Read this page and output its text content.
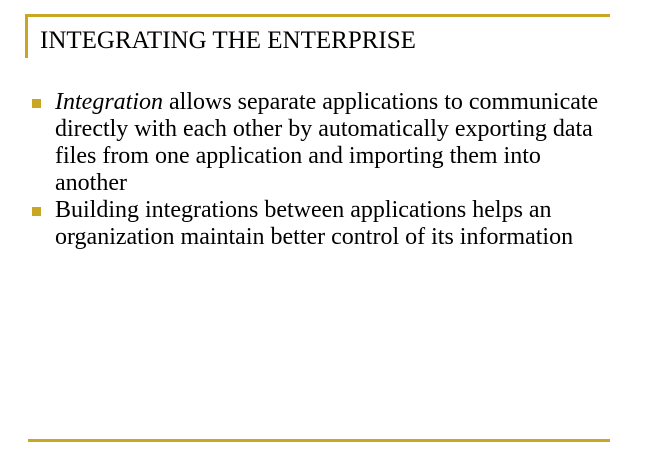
INTEGRATING THE ENTERPRISE
Integration allows separate applications to communicate directly with each other by automatically exporting data files from one application and importing them into another
Building integrations between applications helps an organization maintain better control of its information
